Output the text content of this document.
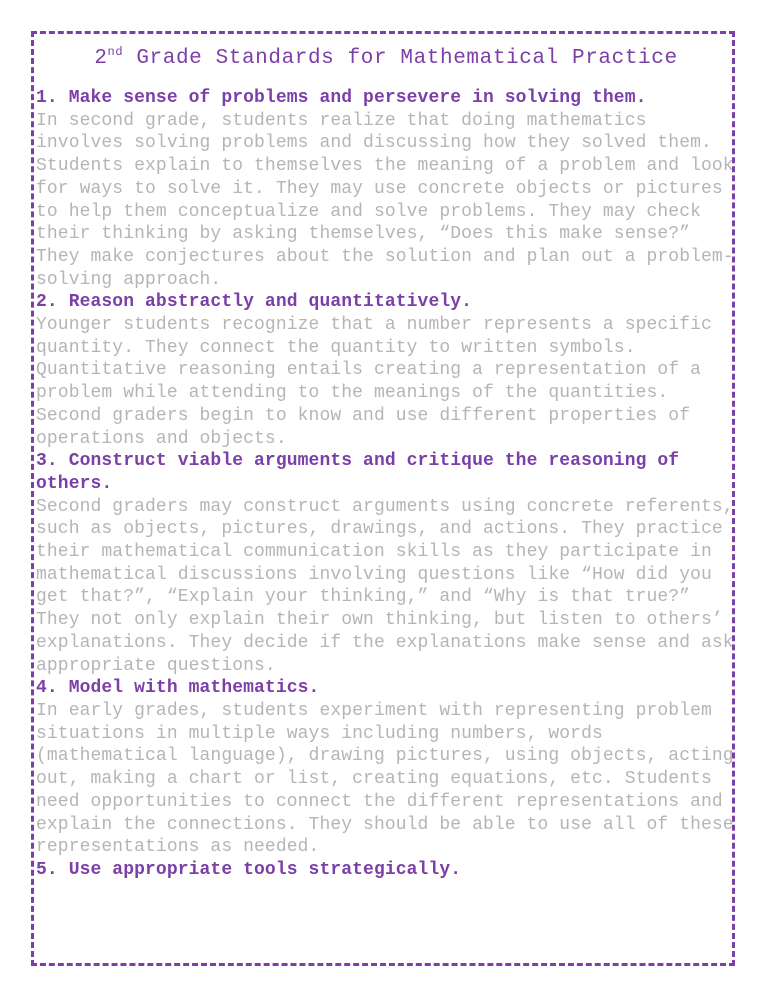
2nd Grade Standards for Mathematical Practice
1. Make sense of problems and persevere in solving them.
In second grade, students realize that doing mathematics involves solving problems and discussing how they solved them. Students explain to themselves the meaning of a problem and look for ways to solve it. They may use concrete objects or pictures to help them conceptualize and solve problems. They may check their thinking by asking themselves, “Does this make sense?” They make conjectures about the solution and plan out a problem-solving approach.
2. Reason abstractly and quantitatively.
Younger students recognize that a number represents a specific quantity. They connect the quantity to written symbols. Quantitative reasoning entails creating a representation of a problem while attending to the meanings of the quantities. Second graders begin to know and use different properties of operations and objects.
3. Construct viable arguments and critique the reasoning of others.
Second graders may construct arguments using concrete referents, such as objects, pictures, drawings, and actions. They practice their mathematical communication skills as they participate in mathematical discussions involving questions like “How did you get that?”, “Explain your thinking,” and “Why is that true?” They not only explain their own thinking, but listen to others’ explanations. They decide if the explanations make sense and ask appropriate questions.
4. Model with mathematics.
In early grades, students experiment with representing problem situations in multiple ways including numbers, words (mathematical language), drawing pictures, using objects, acting out, making a chart or list, creating equations, etc. Students need opportunities to connect the different representations and explain the connections. They should be able to use all of these representations as needed.
5. Use appropriate tools strategically.
